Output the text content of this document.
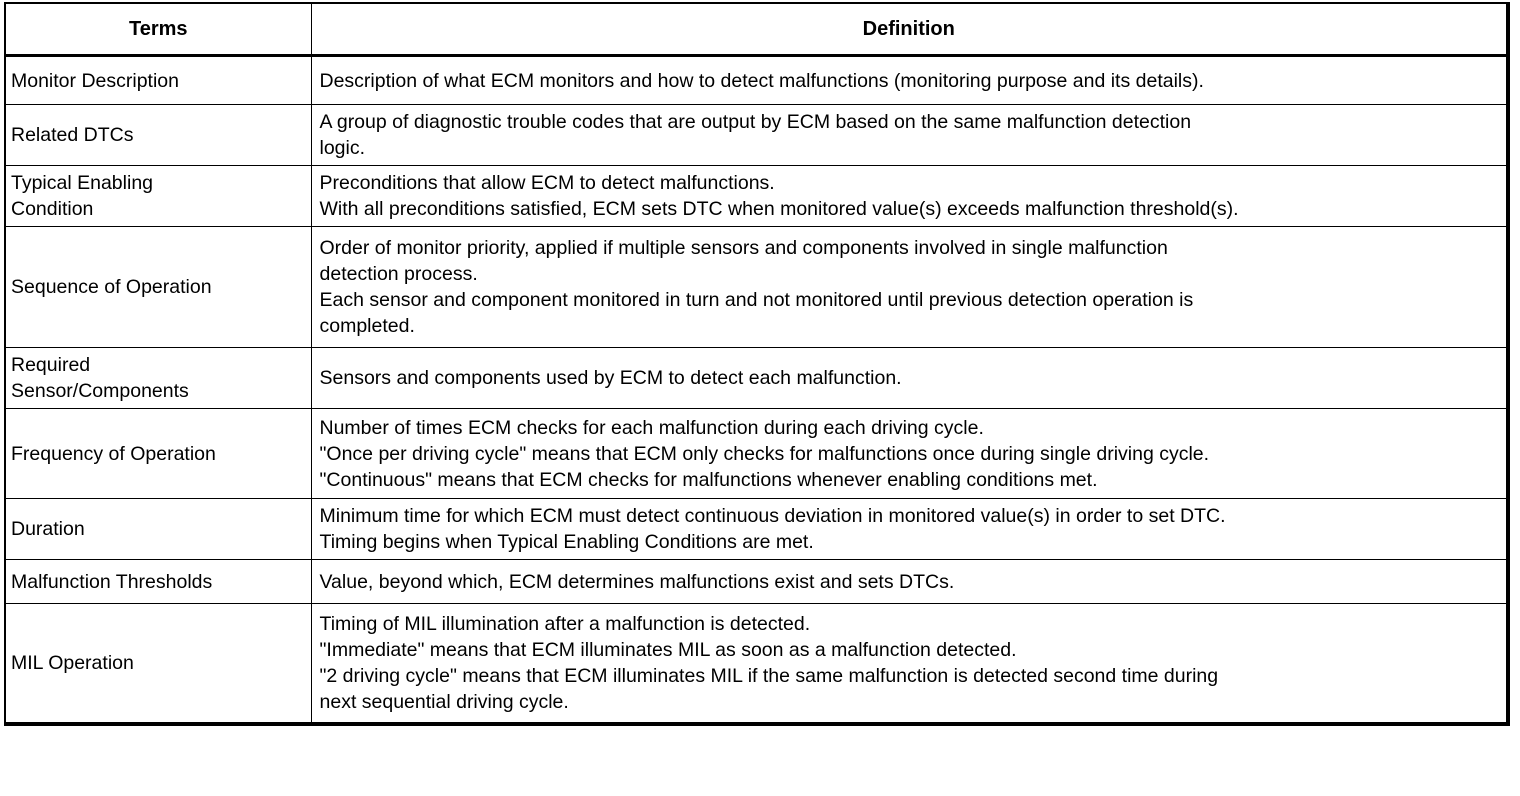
Terms	Definition

Monitor Description	Description of what ECM monitors and how to detect malfunctions (monitoring purpose and its details).

Related DTCs	A group of diagnostic trouble codes that are output by ECM based on the same malfunction detection
logic.

Typical Enabling
Condition	Preconditions that allow ECM to detect malfunctions.
With all preconditions satisfied, ECM sets DTC when monitored value(s) exceeds malfunction threshold(s).

Sequence of Operation	Order of monitor priority, applied if multiple sensors and components involved in single malfunction
detection process.
Each sensor and component monitored in turn and not monitored until previous detection operation is
completed.

Required
Sensor/Components	Sensors and components used by ECM to detect each malfunction.

Frequency of Operation	Number of times ECM checks for each malfunction during each driving cycle.
"Once per driving cycle" means that ECM only checks for malfunctions once during single driving cycle.
"Continuous" means that ECM checks for malfunctions whenever enabling conditions met.

Duration	Minimum time for which ECM must detect continuous deviation in monitored value(s) in order to set DTC.
Timing begins when Typical Enabling Conditions are met.

Malfunction Thresholds	Value, beyond which, ECM determines malfunctions exist and sets DTCs.

MIL Operation	Timing of MIL illumination after a malfunction is detected.
"Immediate" means that ECM illuminates MIL as soon as a malfunction detected.
"2 driving cycle" means that ECM illuminates MIL if the same malfunction is detected second time during
next sequential driving cycle.
